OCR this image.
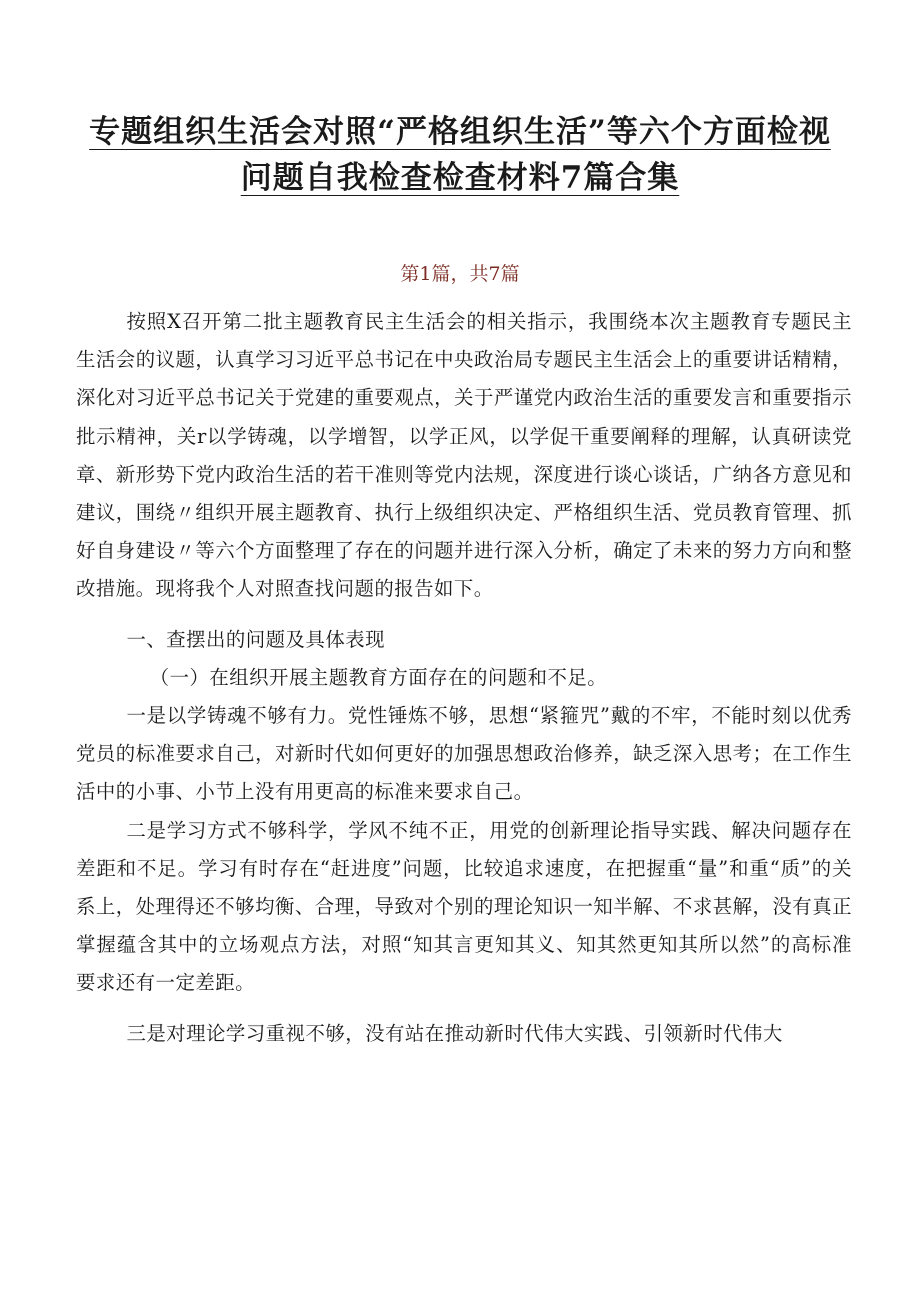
专题组织生活会对照“严格组织生活”等六个方面检视
问题自我检查检查材料7篇合集
第1篇，共7篇

按照X召开第二批主题教育民主生活会的相关指示，我围绕本次主题教育专题民主生活会的议题，认真学习习近平总书记在中央政治局专题民主生活会上的重要讲话精精，深化对习近平总书记关于党建的重要观点，关于严谨党内政治生活的重要发言和重要指示批示精神，关r以学铸魂，以学增智，以学正风，以学促干重要阐释的理解，认真研读党章、新形势下党内政治生活的若干准则等党内法规，深度进行谈心谈话，广纳各方意见和建议，围绕〃组织开展主题教育、执行上级组织决定、严格组织生活、党员教育管理、抓好自身建设〃等六个方面整理了存在的问题并进行深入分析，确定了未来的努力方向和整改措施。现将我个人对照查找问题的报告如下。

一、查摆出的问题及具体表现

（一）在组织开展主题教育方面存在的问题和不足。

一是以学铸魂不够有力。党性锤炼不够，思想“紧箍咒”戴的不牢，不能时刻以优秀党员的标准要求自己，对新时代如何更好的加强思想政治修养，缺乏深入思考；在工作生活中的小事、小节上没有用更高的标准来要求自己。

二是学习方式不够科学，学风不纯不正，用党的创新理论指导实践、解决问题存在差距和不足。学习有时存在“赶进度”问题，比较追求速度，在把握重“量”和重“质”的关系上，处理得还不够均衡、合理，导致对个别的理论知识一知半解、不求甚解，没有真正掌握蕴含其中的立场观点方法，对照“知其言更知其义、知其然更知其所以然”的高标准要求还有一定差距。

三是对理论学习重视不够，没有站在推动新时代伟大实践、引领新时代伟大
